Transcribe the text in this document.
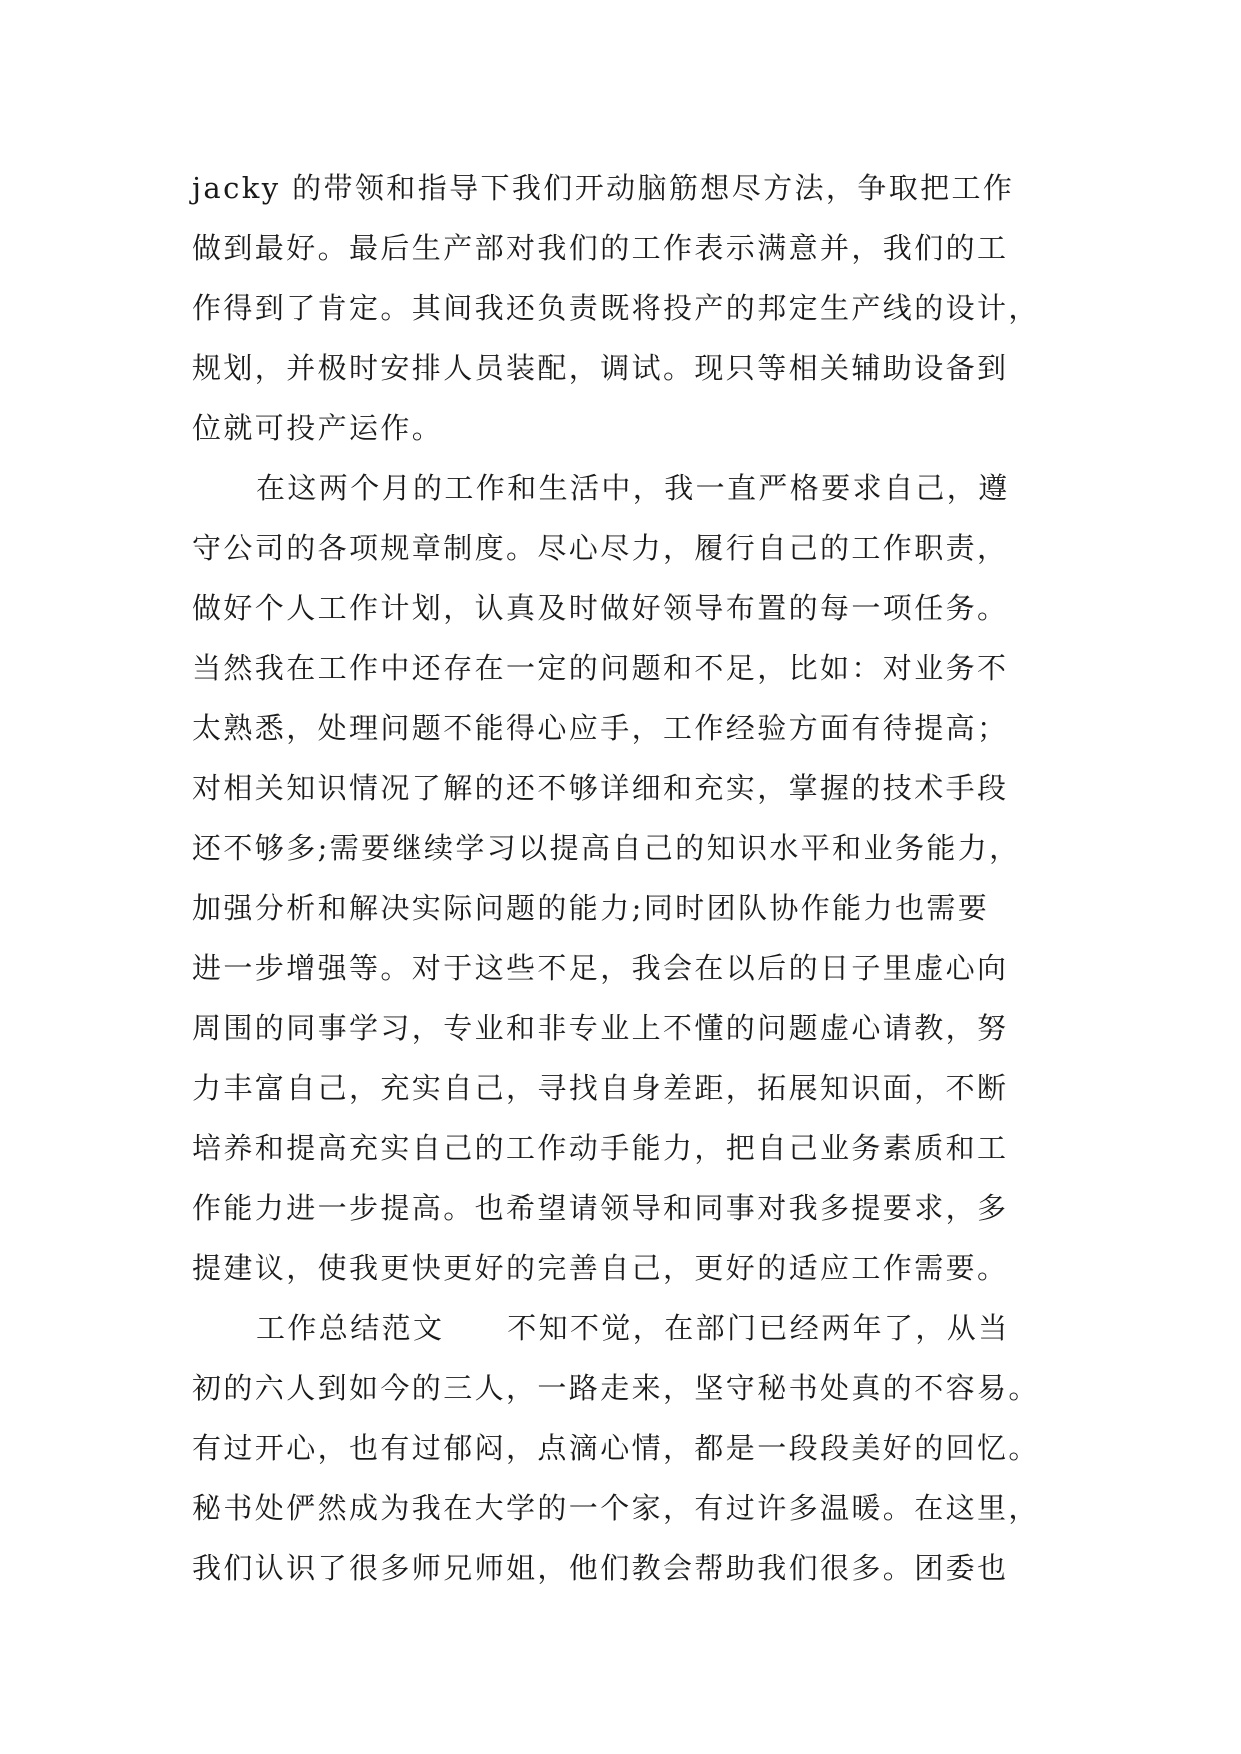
jacky 的带领和指导下我们开动脑筋想尽方法，争取把工作
做到最好。最后生产部对我们的工作表示满意并，我们的工
作得到了肯定。其间我还负责既将投产的邦定生产线的设计，
规划，并极时安排人员装配，调试。现只等相关辅助设备到
位就可投产运作。
在这两个月的工作和生活中，我一直严格要求自己，遵
守公司的各项规章制度。尽心尽力，履行自己的工作职责，
做好个人工作计划，认真及时做好领导布置的每一项任务。
当然我在工作中还存在一定的问题和不足，比如：对业务不
太熟悉，处理问题不能得心应手，工作经验方面有待提高；
对相关知识情况了解的还不够详细和充实，掌握的技术手段
还不够多;需要继续学习以提高自己的知识水平和业务能力，
加强分析和解决实际问题的能力;同时团队协作能力也需要
进一步增强等。对于这些不足，我会在以后的日子里虚心向
周围的同事学习，专业和非专业上不懂的问题虚心请教，努
力丰富自己，充实自己，寻找自身差距，拓展知识面，不断
培养和提高充实自己的工作动手能力，把自己业务素质和工
作能力进一步提高。也希望请领导和同事对我多提要求，多
提建议，使我更快更好的完善自己，更好的适应工作需要。
工作总结范文　　不知不觉，在部门已经两年了，从当
初的六人到如今的三人，一路走来，坚守秘书处真的不容易。
有过开心，也有过郁闷，点滴心情，都是一段段美好的回忆。
秘书处俨然成为我在大学的一个家，有过许多温暖。在这里，
我们认识了很多师兄师姐，他们教会帮助我们很多。团委也
